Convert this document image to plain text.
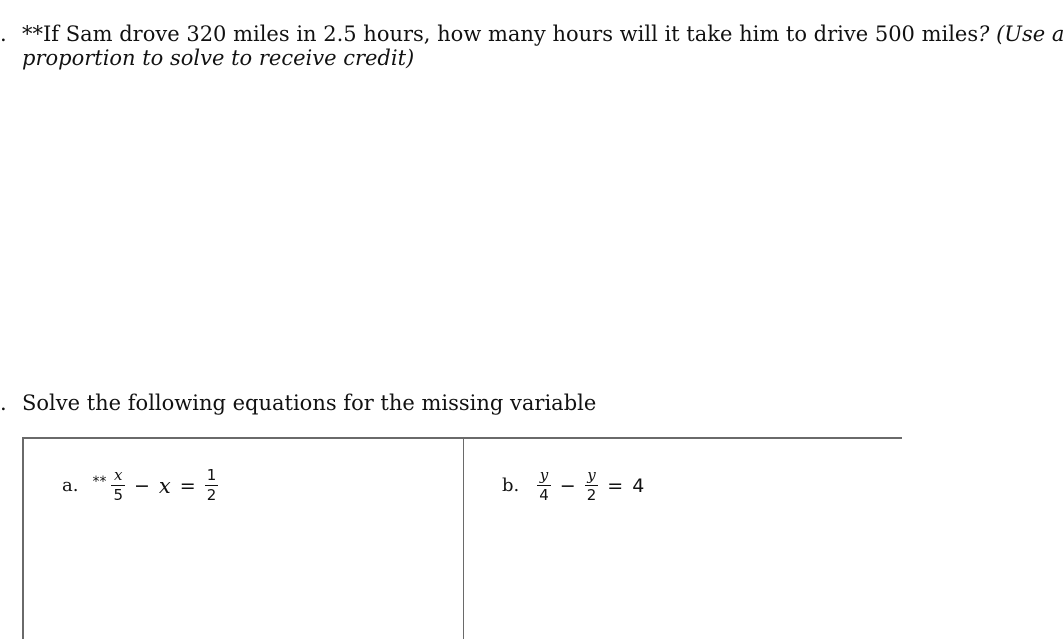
. **If Sam drove 320 miles in 2.5 hours, how many hours will it take him to drive 500 miles? (Use a
proportion to solve to receive credit)
. Solve the following equations for the missing variable
a. ** $\frac{x}{5} - x = \frac{1}{2}$	b. $\frac{y}{4} - \frac{y}{2} = 4$
